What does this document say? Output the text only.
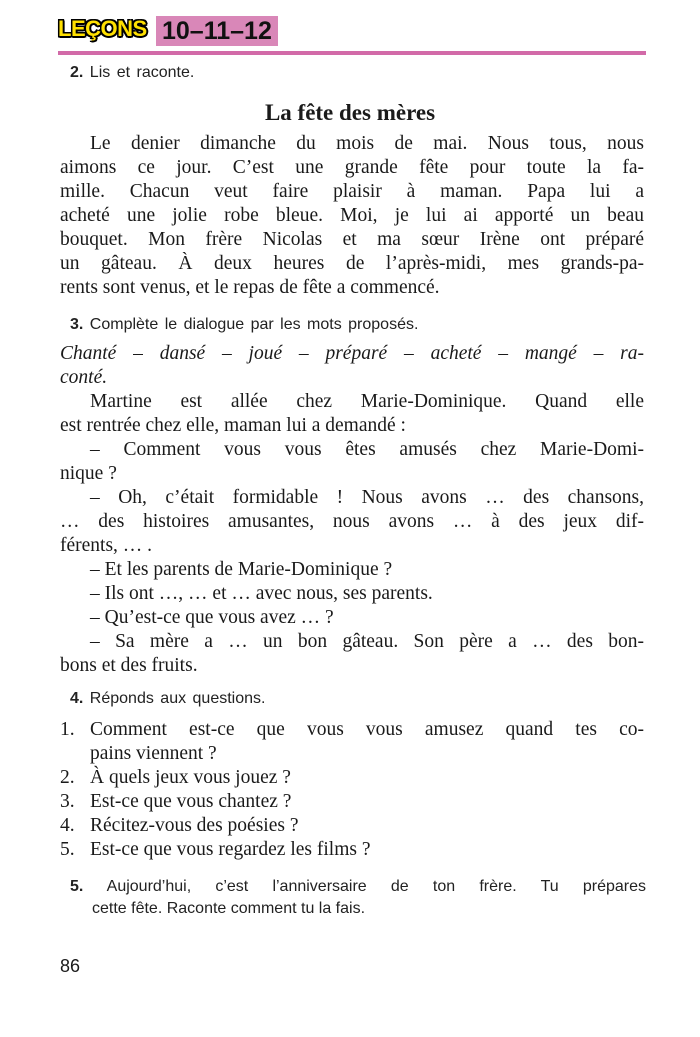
LEÇONS 10–11–12
2. Lis et raconte.
La fête des mères
Le denier dimanche du mois de mai. Nous tous, nous
aimons ce jour. C’est une grande fête pour toute la fa-
mille. Chacun veut faire plaisir à maman. Papa lui a
acheté une jolie robe bleue. Moi, je lui ai apporté un beau
bouquet. Mon frère Nicolas et ma sœur Irène ont préparé
un gâteau. À deux heures de l’après-midi, mes grands-pa-
rents sont venus, et le repas de fête a commencé.
3. Complète le dialogue par les mots proposés.
Chanté – dansé – joué – préparé – acheté – mangé – ra-
conté.
Martine est allée chez Marie-Dominique. Quand elle
est rentrée chez elle, maman lui a demandé :
– Comment vous vous êtes amusés chez Marie-Domi-
nique ?
– Oh, c’était formidable ! Nous avons … des chansons,
… des histoires amusantes, nous avons … à des jeux dif-
férents, … .
– Et les parents de Marie-Dominique ?
– Ils ont …, … et … avec nous, ses parents.
– Qu’est-ce que vous avez … ?
– Sa mère a … un bon gâteau. Son père a … des bon-
bons et des fruits.
4. Réponds aux questions.
1. Comment est-ce que vous vous amusez quand tes co-
pains viennent ?
2. À quels jeux vous jouez ?
3. Est-ce que vous chantez ?
4. Récitez-vous des poésies ?
5. Est-ce que vous regardez les films ?
5. Aujourd’hui, c’est l’anniversaire de ton frère. Tu prépares
cette fête. Raconte comment tu la fais.
86
